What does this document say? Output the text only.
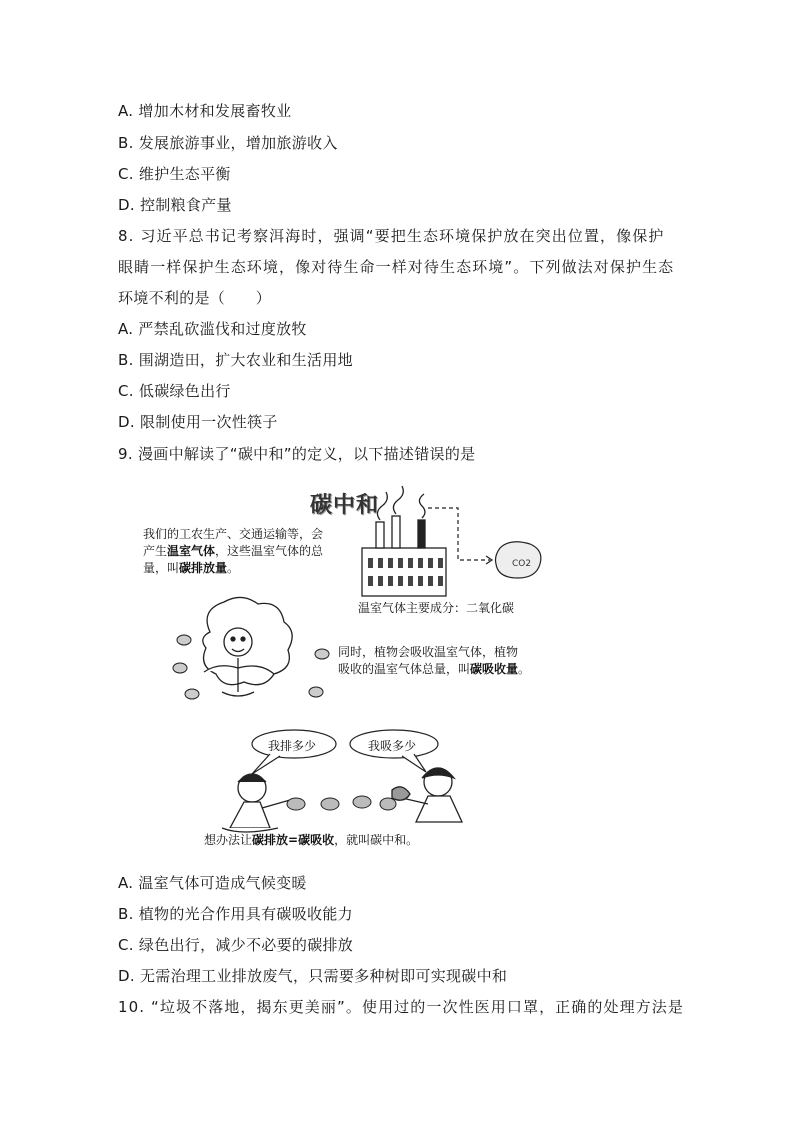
A. 增加木材和发展畜牧业
B. 发展旅游事业，增加旅游收入
C. 维护生态平衡
D. 控制粮食产量
8. 习近平总书记考察洱海时，强调“要把生态环境保护放在突出位置，像保护
眼睛一样保护生态环境，像对待生命一样对待生态环境”。下列做法对保护生态
环境不利的是（　　）
A. 严禁乱砍滥伐和过度放牧
B. 围湖造田，扩大农业和生活用地
C. 低碳绿色出行
D. 限制使用一次性筷子
9. 漫画中解读了“碳中和”的定义，以下描述错误的是
CO2
碳中和
我们的工农生产、交通运输等，会
产生温室气体，这些温室气体的总
量，叫碳排放量。
温室气体主要成分：二氧化碳
同时，植物会吸收温室气体，植物
吸收的温室气体总量，叫碳吸收量。
我排多少	我吸多少
想办法让碳排放=碳吸收，就叫碳中和。
A. 温室气体可造成气候变暖
B. 植物的光合作用具有碳吸收能力
C. 绿色出行，减少不必要的碳排放
D. 无需治理工业排放废气，只需要多种树即可实现碳中和
10. “垃圾不落地，揭东更美丽”。使用过的一次性医用口罩，正确的处理方法是
